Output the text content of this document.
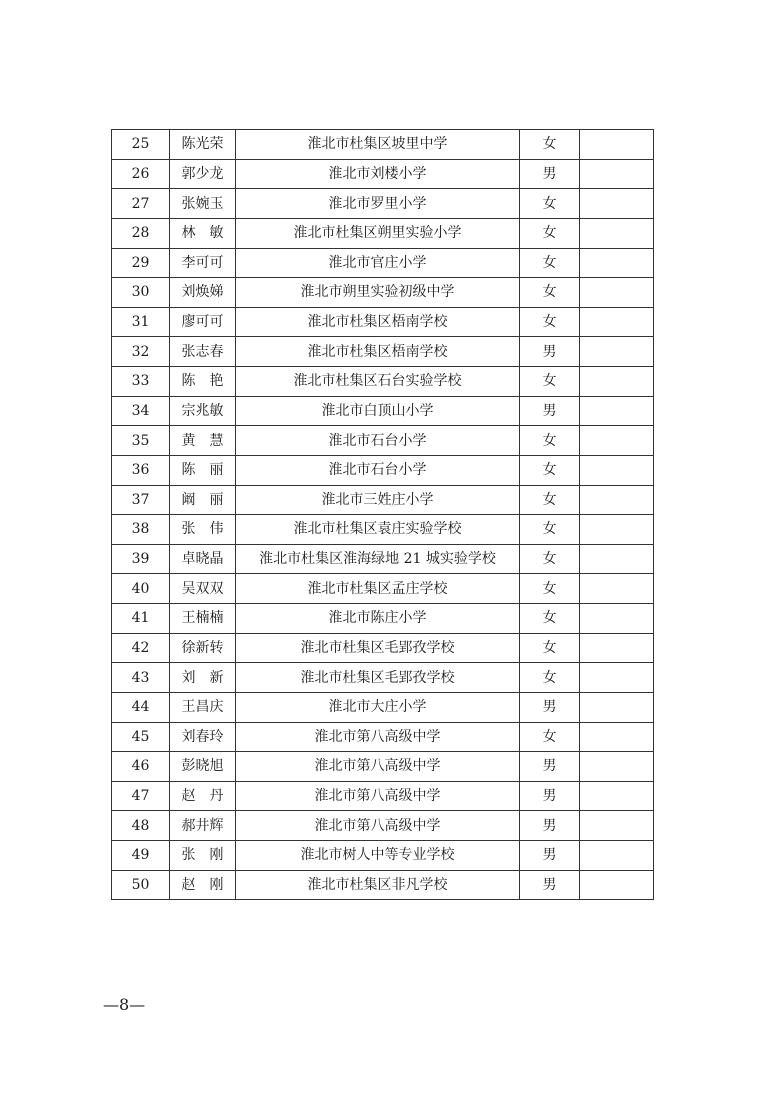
25	陈光荣	淮北市杜集区坡里中学	女	
26	郭少龙	淮北市刘楼小学	男	
27	张婉玉	淮北市罗里小学	女	
28	林　敏	淮北市杜集区朔里实验小学	女	
29	李可可	淮北市官庄小学	女	
30	刘焕娣	淮北市朔里实验初级中学	女	
31	廖可可	淮北市杜集区梧南学校	女	
32	张志春	淮北市杜集区梧南学校	男	
33	陈　艳	淮北市杜集区石台实验学校	女	
34	宗兆敏	淮北市白顶山小学	男	
35	黄　慧	淮北市石台小学	女	
36	陈　丽	淮北市石台小学	女	
37	阚　丽	淮北市三姓庄小学	女	
38	张　伟	淮北市杜集区袁庄实验学校	女	
39	卓晓晶	淮北市杜集区淮海绿地 21 城实验学校	女	
40	吴双双	淮北市杜集区孟庄学校	女	
41	王楠楠	淮北市陈庄小学	女	
42	徐新转	淮北市杜集区毛郢孜学校	女	
43	刘　新	淮北市杜集区毛郢孜学校	女	
44	王昌庆	淮北市大庄小学	男	
45	刘春玲	淮北市第八高级中学	女	
46	彭晓旭	淮北市第八高级中学	男	
47	赵　丹	淮北市第八高级中学	男	
48	郝井辉	淮北市第八高级中学	男	
49	张　刚	淮北市树人中等专业学校	男	
50	赵　刚	淮北市杜集区非凡学校	男	
—8—
